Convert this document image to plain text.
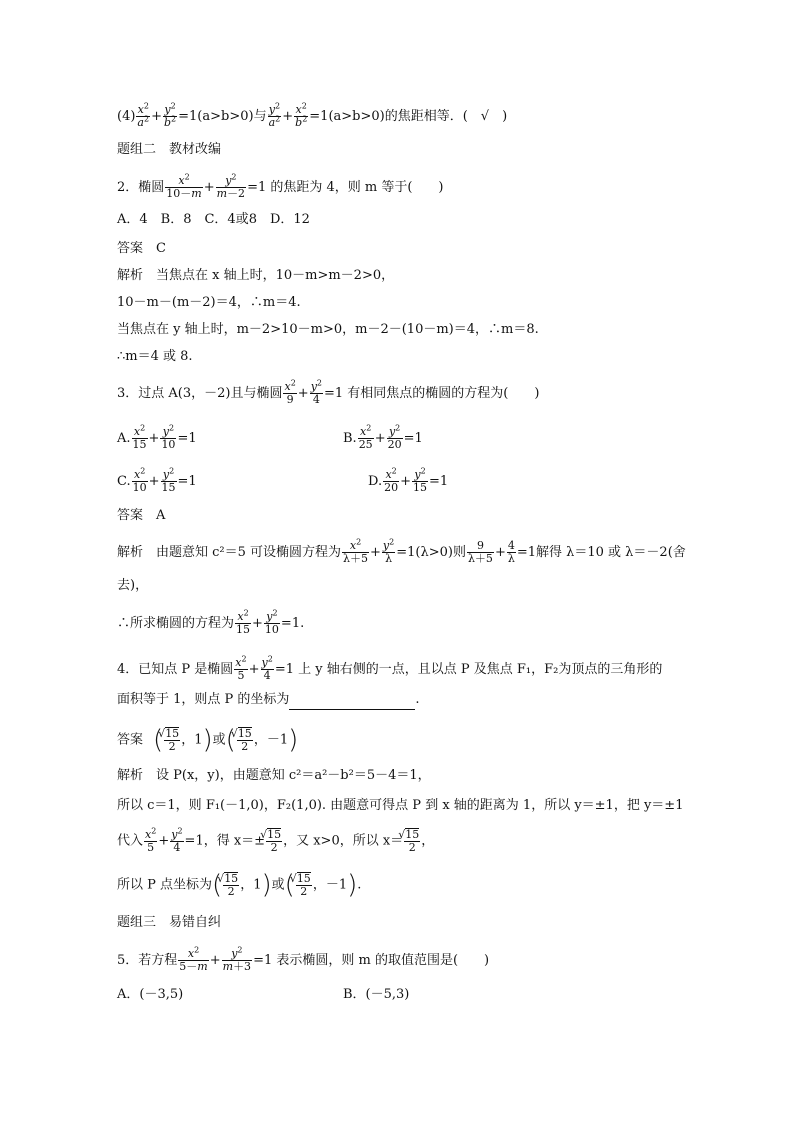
$(4) \frac{x^2}{a^2} + \frac{y^2}{b^2} =1(a>b>0)$与 $\frac{y^2}{a^2} + \frac{x^2}{b^2} =1(a>b>0)$的焦距相等．(　√　)
题组二　教材改编
2．椭圆 $\frac{x^2}{10-m} + \frac{y^2}{m-2} =1$ 的焦距为 4，则 m 等于(　　)
A．4　B．8　C．4或8　D．12
答案　C
解析　当焦点在 x 轴上时，10－m>m－2>0，
10－m－(m－2)＝4，∴m＝4.
当焦点在 y 轴上时，m－2>10－m>0，m－2－(10－m)＝4，∴m＝8.
∴m＝4 或 8.
3．过点 A(3，－2)且与椭圆 $\frac{x^2}{9} + \frac{y^2}{4} =1$ 有相同焦点的椭圆的方程为(　　)
A. $\frac{x^2}{15} + \frac{y^2}{10} =1$	B. $\frac{x^2}{25} + \frac{y^2}{20} =1$
C. $\frac{x^2}{10} + \frac{y^2}{15} =1$	D. $\frac{x^2}{20} + \frac{y^2}{15} =1$
答案　A
解析　由题意知 c²＝5 可设椭圆方程为 $\frac{x^2}{\lambda+5} + \frac{y^2}{\lambda} =1(\lambda>0)$则 $\frac{9}{\lambda+5} + \frac{4}{\lambda} =1$解得 λ＝10 或 λ＝－2(舍
去)，
∴所求椭圆的方程为 $\frac{x^2}{15} + \frac{y^2}{10} =1$.
4．已知点 P 是椭圆 $\frac{x^2}{5} + \frac{y^2}{4} =1$ 上 y 轴右侧的一点，且以点 P 及焦点 F₁，F₂为顶点的三角形的
面积等于 1，则点 P 的坐标为	.
答案 ( √ $\frac{15}{2}$ ，1)或( √ $\frac{15}{2}$ ，－1)
解析　设 P(x，y)，由题意知 c²＝a²－b²＝5－4＝1，
所以 c＝1，则 F₁(－1,0)，F₂(1,0). 由题意可得点 P 到 x 轴的距离为 1，所以 y＝±1，把 y＝±1
代入 $\frac{x^2}{5} + \frac{y^2}{4} =1$，得 x＝± √ $\frac{15}{2}$ ，又 x>0，所以 x＝ √ $\frac{15}{2}$ ，
所以 P 点坐标为( √ $\frac{15}{2}$ ，1)或( √ $\frac{15}{2}$ ，－1).
题组三　易错自纠
5．若方程 $\frac{x^2}{5-m} + \frac{y^2}{m+3} =1$ 表示椭圆，则 m 的取值范围是(　　)
A．(－3,5)	B．(－5,3)
